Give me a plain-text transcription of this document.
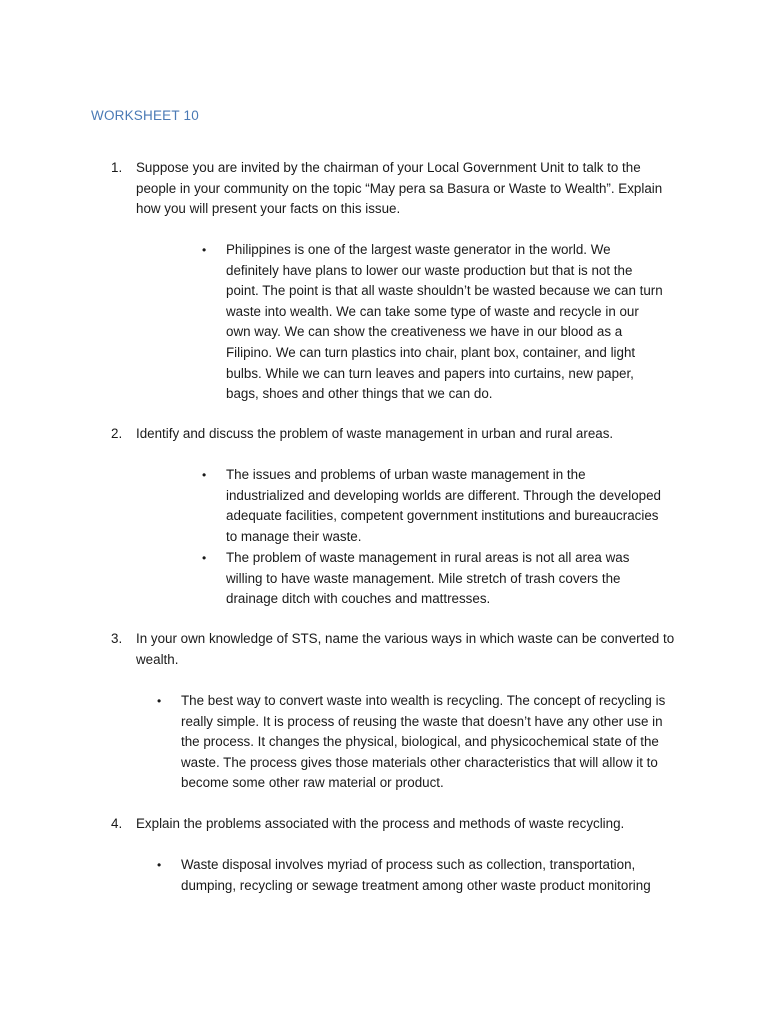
WORKSHEET 10
1.	Suppose you are invited by the chairman of your Local Government Unit to talk to the people in your community on the topic “May pera sa Basura or Waste to Wealth”. Explain how you will present your facts on this issue.
• Philippines is one of the largest waste generator in the world. We definitely have plans to lower our waste production but that is not the point. The point is that all waste shouldn’t be wasted because we can turn waste into wealth. We can take some type of waste and recycle in our own way. We can show the creativeness we have in our blood as a Filipino. We can turn plastics into chair, plant box, container, and light bulbs. While we can turn leaves and papers into curtains, new paper, bags, shoes and other things that we can do.
2.	Identify and discuss the problem of waste management in urban and rural areas.
• The issues and problems of urban waste management in the industrialized and developing worlds are different. Through the developed adequate facilities, competent government institutions and bureaucracies to manage their waste.
• The problem of waste management in rural areas is not all area was willing to have waste management. Mile stretch of trash covers the drainage ditch with couches and mattresses.
3.	In your own knowledge of STS, name the various ways in which waste can be converted to wealth.
• The best way to convert waste into wealth is recycling. The concept of recycling is really simple. It is process of reusing the waste that doesn’t have any other use in the process. It changes the physical, biological, and physicochemical state of the waste. The process gives those materials other characteristics that will allow it to become some other raw material or product.
4.	Explain the problems associated with the process and methods of waste recycling.
• Waste disposal involves myriad of process such as collection, transportation, dumping, recycling or sewage treatment among other waste product monitoring
